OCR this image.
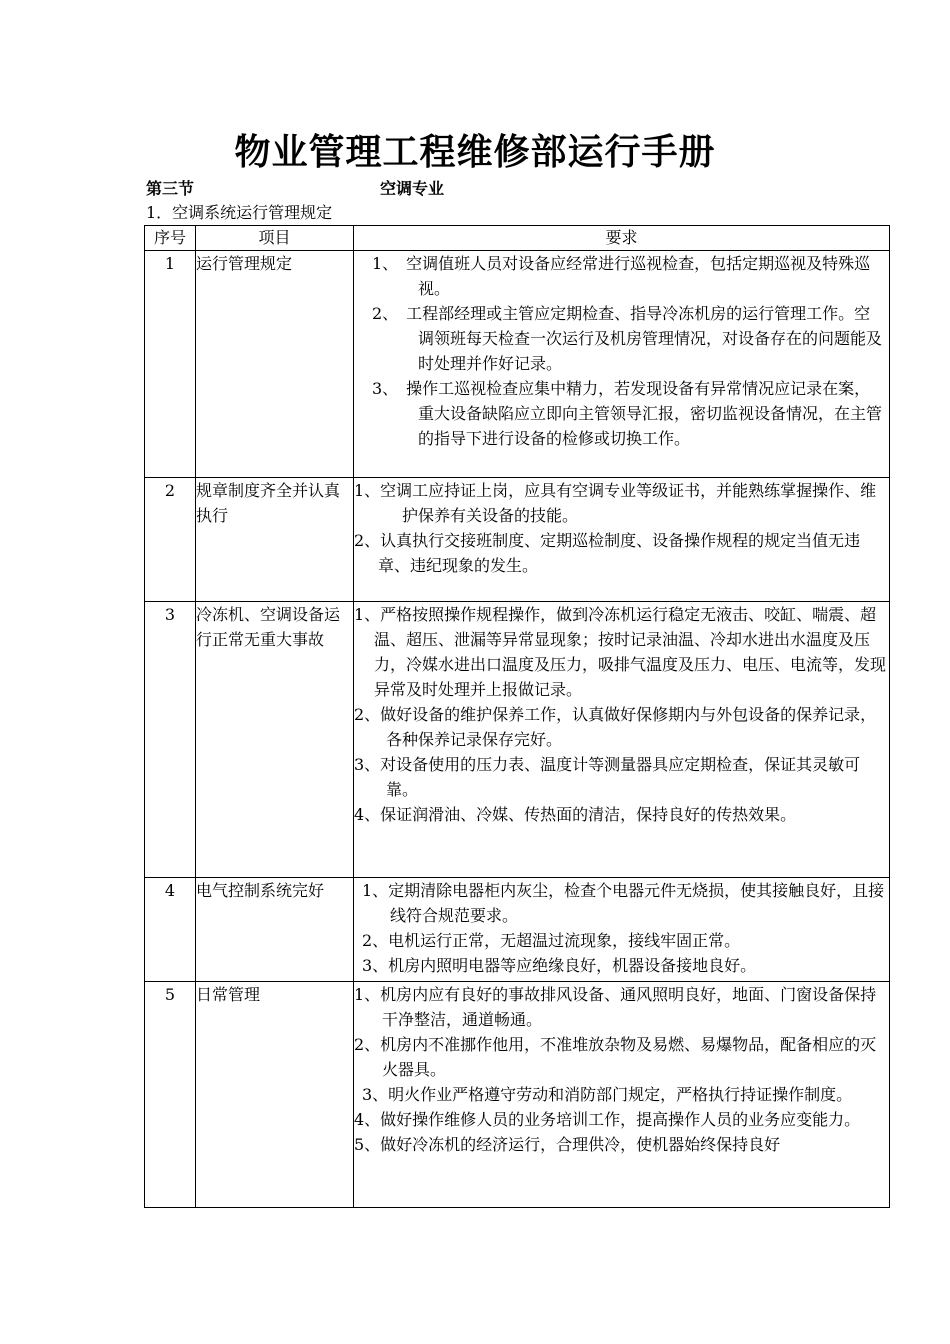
物业管理工程维修部运行手册
第三节	空调专业
1．空调系统运行管理规定
序号	项目	要求
1	运行管理规定	1、　空调值班人员对设备应经常进行巡视检查，包括定期巡视及特殊巡视。
2、　工程部经理或主管应定期检查、指导冷冻机房的运行管理工作。空调领班每天检查一次运行及机房管理情况，对设备存在的问题能及时处理并作好记录。
3、　操作工巡视检查应集中精力，若发现设备有异常情况应记录在案，重大设备缺陷应立即向主管领导汇报，密切监视设备情况，在主管的指导下进行设备的检修或切换工作。

2	规章制度齐全并认真执行	1、空调工应持证上岗，应具有空调专业等级证书，并能熟练掌握操作、维护保养有关设备的技能。
2、认真执行交接班制度、定期巡检制度、设备操作规程的规定当值无违章、违纪现象的发生。

3	冷冻机、空调设备运行正常无重大事故	1、严格按照操作规程操作，做到冷冻机运行稳定无液击、咬缸、喘震、超温、超压、泄漏等异常显现象；按时记录油温、冷却水进出水温度及压力，冷媒水进出口温度及压力，吸排气温度及压力、电压、电流等，发现异常及时处理并上报做记录。
2、做好设备的维护保养工作，认真做好保修期内与外包设备的保养记录，各种保养记录保存完好。
3、对设备使用的压力表、温度计等测量器具应定期检查，保证其灵敏可靠。
4、保证润滑油、冷媒、传热面的清洁，保持良好的传热效果。

4	电气控制系统完好	1、定期清除电器柜内灰尘，检查个电器元件无烧损，使其接触良好，且接线符合规范要求。
2、电机运行正常，无超温过流现象，接线牢固正常。
3、机房内照明电器等应绝缘良好，机器设备接地良好。

5	日常管理	1、机房内应有良好的事故排风设备、通风照明良好，地面、门窗设备保持干净整洁，通道畅通。
2、机房内不准挪作他用，不准堆放杂物及易燃、易爆物品，配备相应的灭火器具。
3、明火作业严格遵守劳动和消防部门规定，严格执行持证操作制度。
4、做好操作维修人员的业务培训工作，提高操作人员的业务应变能力。
5、做好冷冻机的经济运行，合理供冷，使机器始终保持良好
